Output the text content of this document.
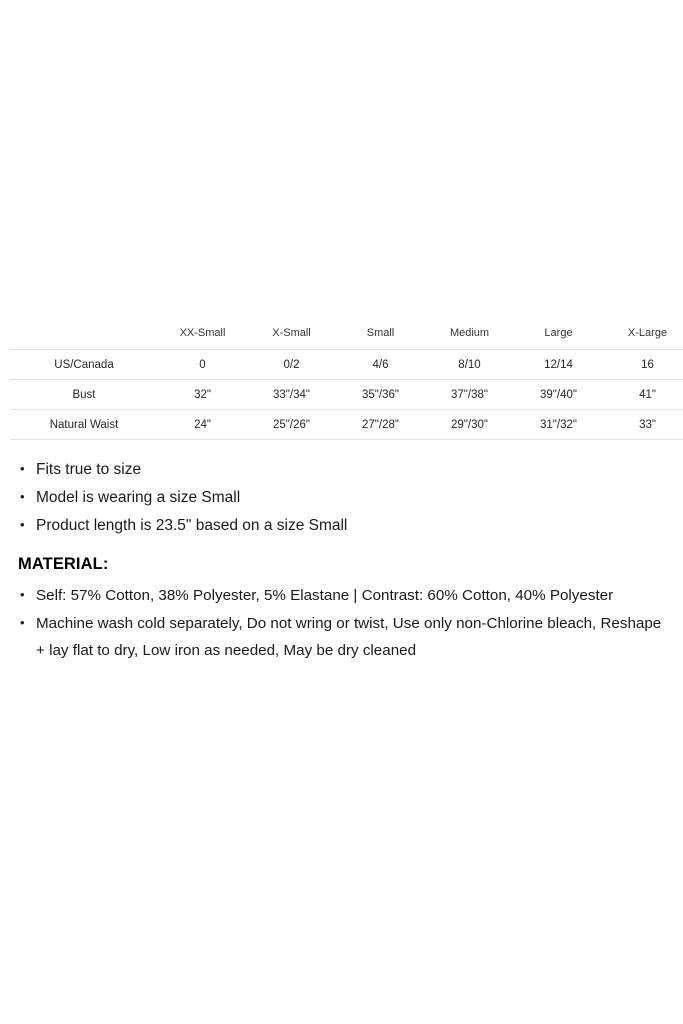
	XX-Small	X-Small	Small	Medium	Large	X-Large
US/Canada	0	0/2	4/6	8/10	12/14	16
Bust	32"	33"/34"	35"/36"	37"/38"	39"/40"	41"
Natural Waist	24"	25"/26"	27"/28"	29"/30"	31"/32"	33"
• Fits true to size
• Model is wearing a size Small
• Product length is 23.5" based on a size Small
MATERIAL:
• Self: 57% Cotton, 38% Polyester, 5% Elastane | Contrast: 60% Cotton, 40% Polyester
• Machine wash cold separately, Do not wring or twist, Use only non-Chlorine bleach, Reshape + lay flat to dry, Low iron as needed, May be dry cleaned
